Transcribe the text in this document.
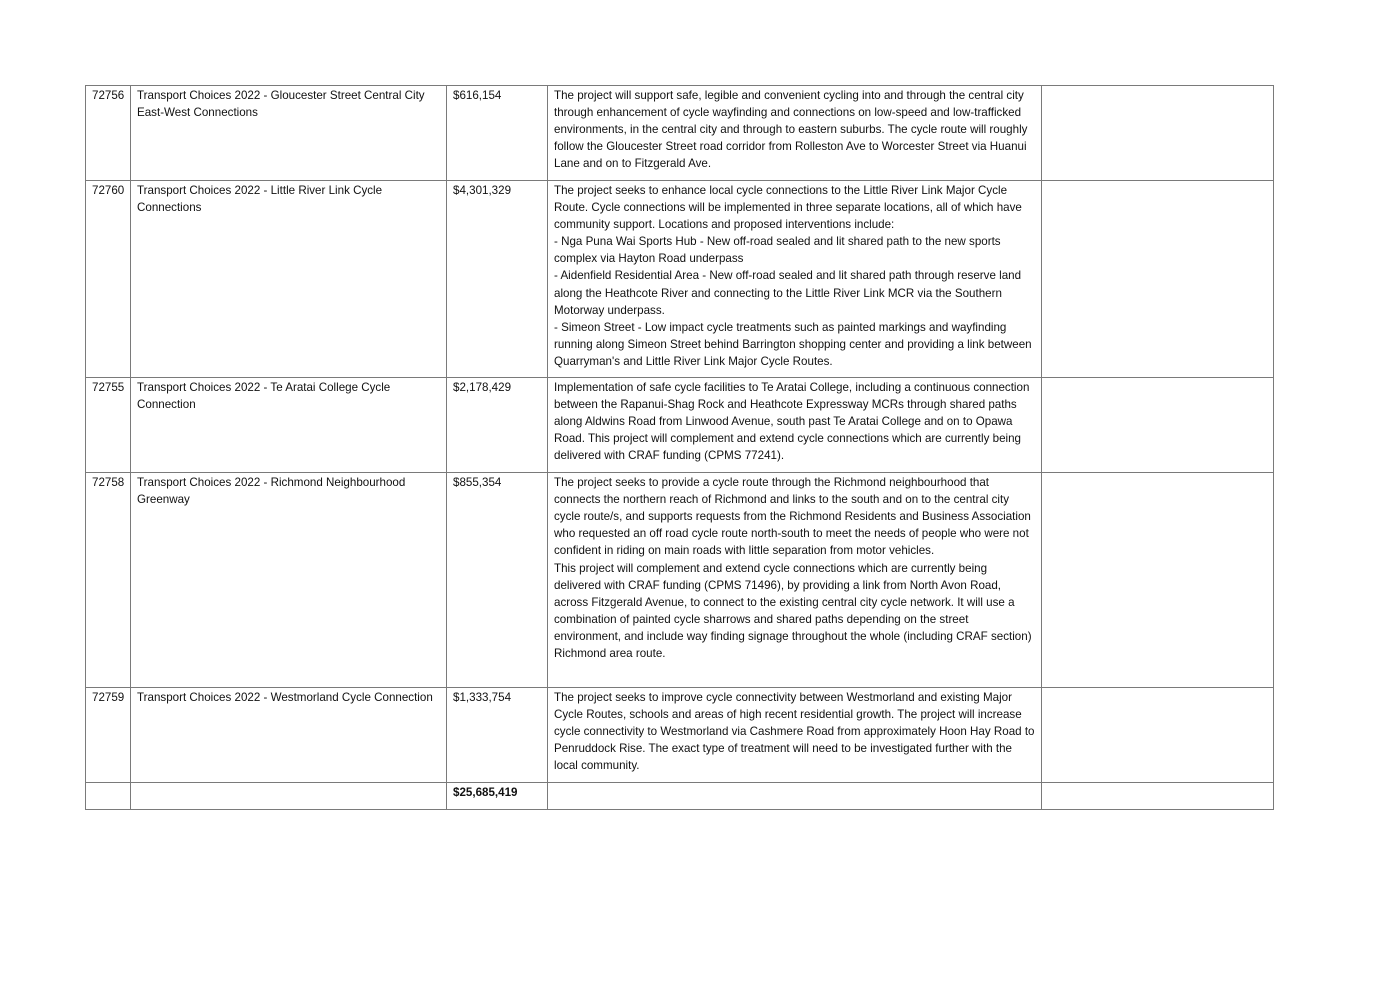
72756	Transport Choices 2022 - Gloucester Street Central City East-West Connections	$616,154	The project will support safe, legible and convenient cycling into and through the central city through enhancement of cycle wayfinding and connections on low-speed and low-trafficked environments, in the central city and through to eastern suburbs. The cycle route will roughly follow the Gloucester Street road corridor from Rolleston Ave to Worcester Street via Huanui Lane and on to Fitzgerald Ave.	

72760	Transport Choices 2022 - Little River Link Cycle Connections	$4,301,329	The project seeks to enhance local cycle connections to the Little River Link Major Cycle Route. Cycle connections will be implemented in three separate locations, all of which have community support. Locations and proposed interventions include:
- Nga Puna Wai Sports Hub - New off-road sealed and lit shared path to the new sports complex via Hayton Road underpass
- Aidenfield Residential Area - New off-road sealed and lit shared path through reserve land along the Heathcote River and connecting to the Little River Link MCR via the Southern Motorway underpass.
- Simeon Street - Low impact cycle treatments such as painted markings and wayfinding running along Simeon Street behind Barrington shopping center and providing a link between Quarryman's and Little River Link Major Cycle Routes.	

72755	Transport Choices 2022 - Te Aratai College Cycle Connection	$2,178,429	Implementation of safe cycle facilities to Te Aratai College, including a continuous connection between the Rapanui-Shag Rock and Heathcote Expressway MCRs through shared paths along Aldwins Road from Linwood Avenue, south past Te Aratai College and on to Opawa Road. This project will complement and extend cycle connections which are currently being delivered with CRAF funding (CPMS 77241).	

72758	Transport Choices 2022 - Richmond Neighbourhood Greenway	$855,354	The project seeks to provide a cycle route through the Richmond neighbourhood that connects the northern reach of Richmond and links to the south and on to the central city cycle route/s, and supports requests from the Richmond Residents and Business Association who requested an off road cycle route north-south to meet the needs of people who were not confident in riding on main roads with little separation from motor vehicles.
This project will complement and extend cycle connections which are currently being delivered with CRAF funding (CPMS 71496), by providing a link from North Avon Road, across Fitzgerald Avenue, to connect to the existing central city cycle network. It will use a combination of painted cycle sharrows and shared paths depending on the street environment, and include way finding signage throughout the whole (including CRAF section) Richmond area route.	

72759	Transport Choices 2022 - Westmorland Cycle Connection	$1,333,754	The project seeks to improve cycle connectivity between Westmorland and existing Major Cycle Routes, schools and areas of high recent residential growth. The project will increase cycle connectivity to Westmorland via Cashmere Road from approximately Hoon Hay Road to Penruddock Rise. The exact type of treatment will need to be investigated further with the local community.	

		$25,685,419		
